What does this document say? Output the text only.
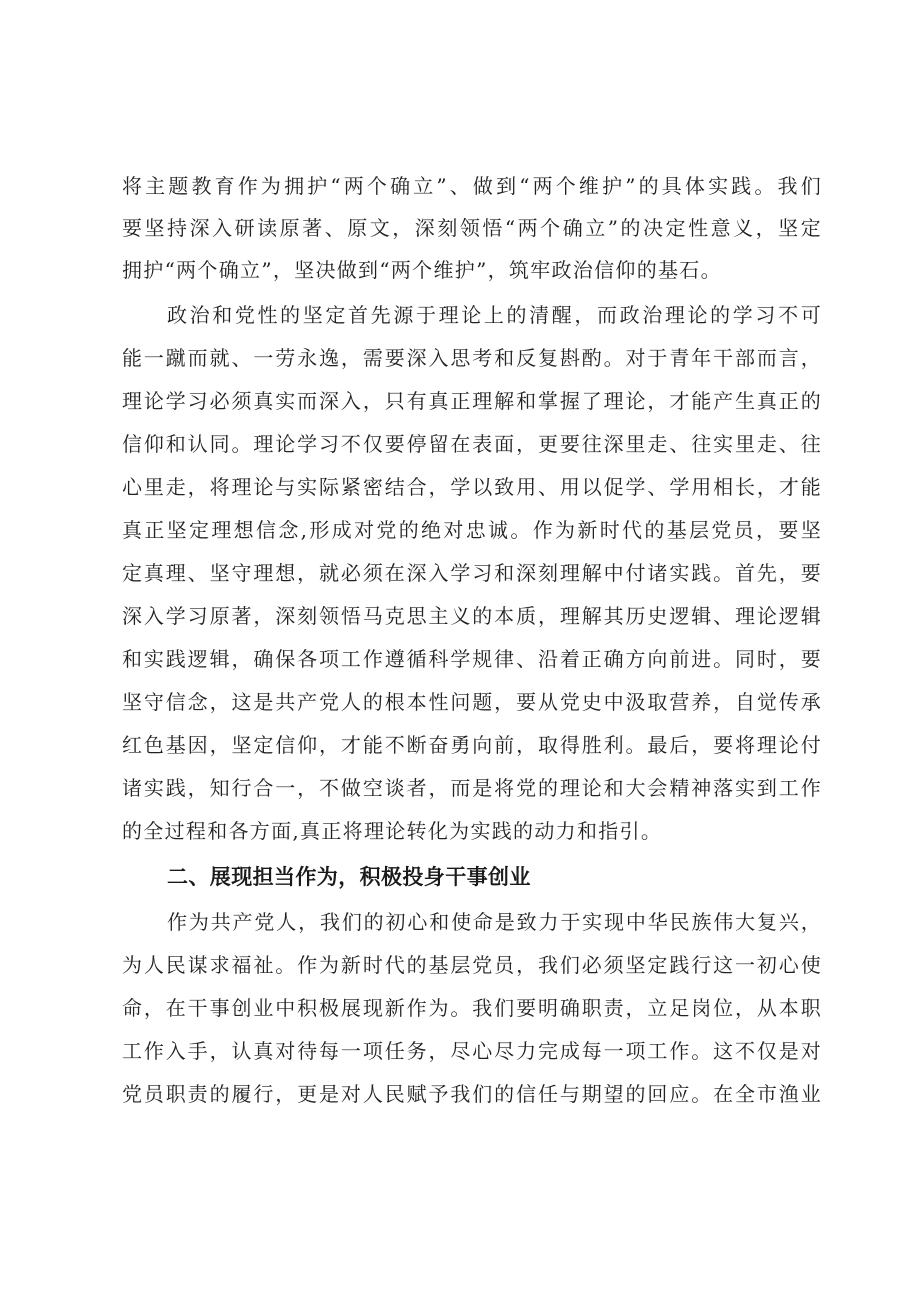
将主题教育作为拥护“两个确立”、做到“两个维护”的具体实践。我们
要坚持深入研读原著、原文，深刻领悟“两个确立”的决定性意义，坚定
拥护“两个确立”，坚决做到“两个维护”，筑牢政治信仰的基石。
政治和党性的坚定首先源于理论上的清醒，而政治理论的学习不可
能一蹴而就、一劳永逸，需要深入思考和反复斟酌。对于青年干部而言，
理论学习必须真实而深入，只有真正理解和掌握了理论，才能产生真正的
信仰和认同。理论学习不仅要停留在表面，更要往深里走、往实里走、往
心里走，将理论与实际紧密结合，学以致用、用以促学、学用相长，才能
真正坚定理想信念,形成对党的绝对忠诚。作为新时代的基层党员，要坚
定真理、坚守理想，就必须在深入学习和深刻理解中付诸实践。首先，要
深入学习原著，深刻领悟马克思主义的本质，理解其历史逻辑、理论逻辑
和实践逻辑，确保各项工作遵循科学规律、沿着正确方向前进。同时，要
坚守信念，这是共产党人的根本性问题，要从党史中汲取营养，自觉传承
红色基因，坚定信仰，才能不断奋勇向前，取得胜利。最后，要将理论付
诸实践，知行合一，不做空谈者，而是将党的理论和大会精神落实到工作
的全过程和各方面,真正将理论转化为实践的动力和指引。
二、展现担当作为，积极投身干事创业
作为共产党人，我们的初心和使命是致力于实现中华民族伟大复兴，
为人民谋求福祉。作为新时代的基层党员，我们必须坚定践行这一初心使
命，在干事创业中积极展现新作为。我们要明确职责，立足岗位，从本职
工作入手，认真对待每一项任务，尽心尽力完成每一项工作。这不仅是对
党员职责的履行，更是对人民赋予我们的信任与期望的回应。在全市渔业
